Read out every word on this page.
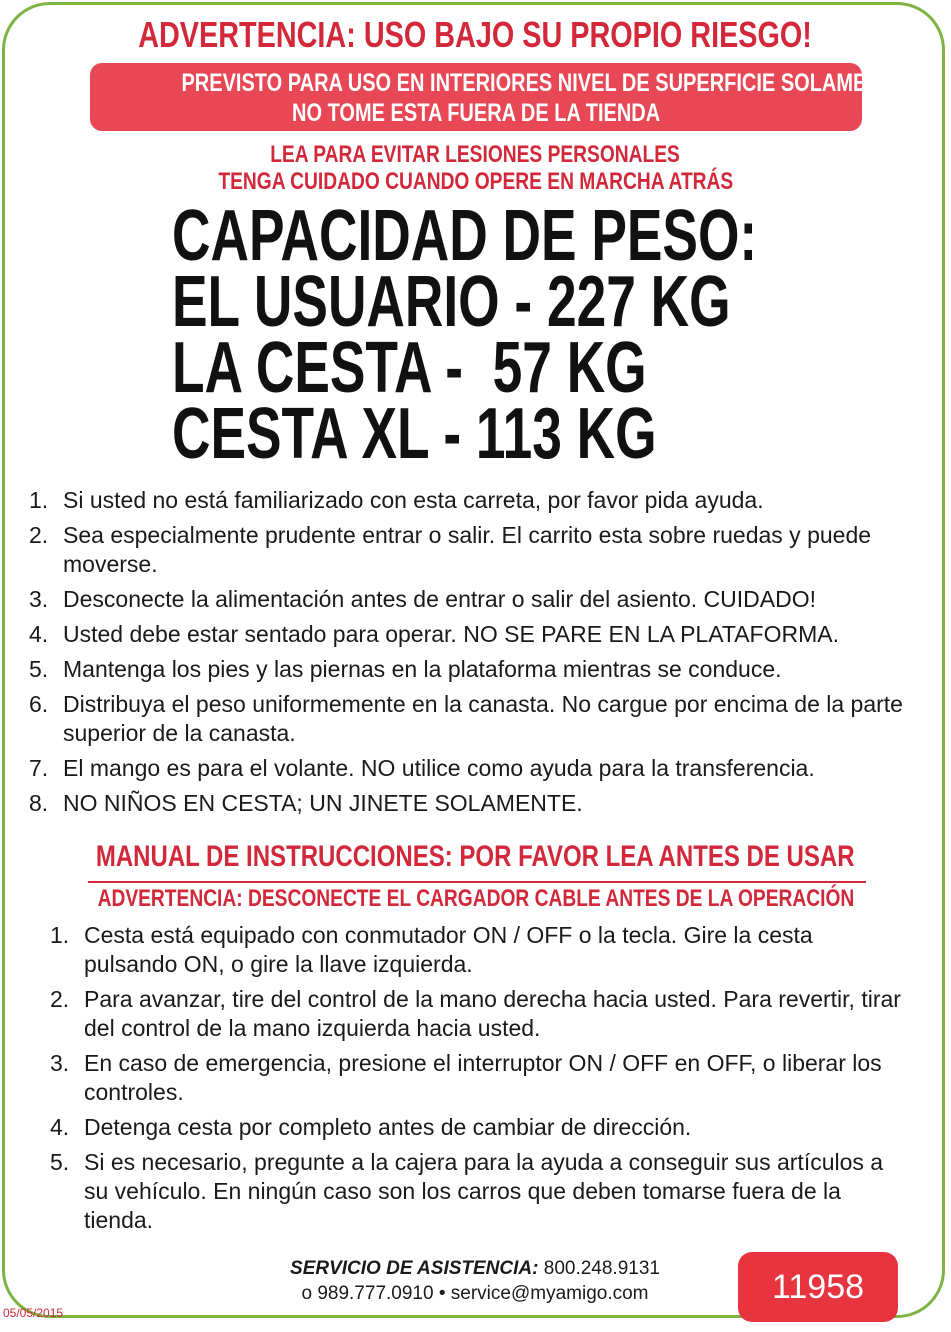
ADVERTENCIA: USO BAJO SU PROPIO RIESGO!
PREVISTO PARA USO EN INTERIORES NIVEL DE SUPERFICIE SOLAMENTE!
NO TOME ESTA FUERA DE LA TIENDA
LEA PARA EVITAR LESIONES PERSONALES
TENGA CUIDADO CUANDO OPERE EN MARCHA ATRÁS
CAPACIDAD DE PESO:
EL USUARIO - 227 KG
LA CESTA -  57 KG
CESTA XL - 113 KG
1. Si usted no está familiarizado con esta carreta, por favor pida ayuda.
2. Sea especialmente prudente entrar o salir. El carrito esta sobre ruedas y puede moverse.
3. Desconecte la alimentación antes de entrar o salir del asiento. CUIDADO!
4. Usted debe estar sentado para operar. NO SE PARE EN LA PLATAFORMA.
5. Mantenga los pies y las piernas en la plataforma mientras se conduce.
6. Distribuya el peso uniformemente en la canasta. No cargue por encima de la parte superior de la canasta.
7. El mango es para el volante. NO utilice como ayuda para la transferencia.
8. NO NIÑOS EN CESTA; UN JINETE SOLAMENTE.
MANUAL DE INSTRUCCIONES: POR FAVOR LEA ANTES DE USAR
ADVERTENCIA: DESCONECTE EL CARGADOR CABLE ANTES DE LA OPERACIÓN
1. Cesta está equipado con conmutador ON / OFF o la tecla. Gire la cesta pulsando ON, o gire la llave izquierda.
2. Para avanzar, tire del control de la mano derecha hacia usted. Para revertir, tirar del control de la mano izquierda hacia usted.
3. En caso de emergencia, presione el interruptor ON / OFF en OFF, o liberar los controles.
4. Detenga cesta por completo antes de cambiar de dirección.
5. Si es necesario, pregunte a la cajera para la ayuda a conseguir sus artículos a su vehículo. En ningún caso son los carros que deben tomarse fuera de la tienda.
SERVICIO DE ASISTENCIA: 800.248.9131
o 989.777.0910 • service@myamigo.com	11958
05/05/2015
